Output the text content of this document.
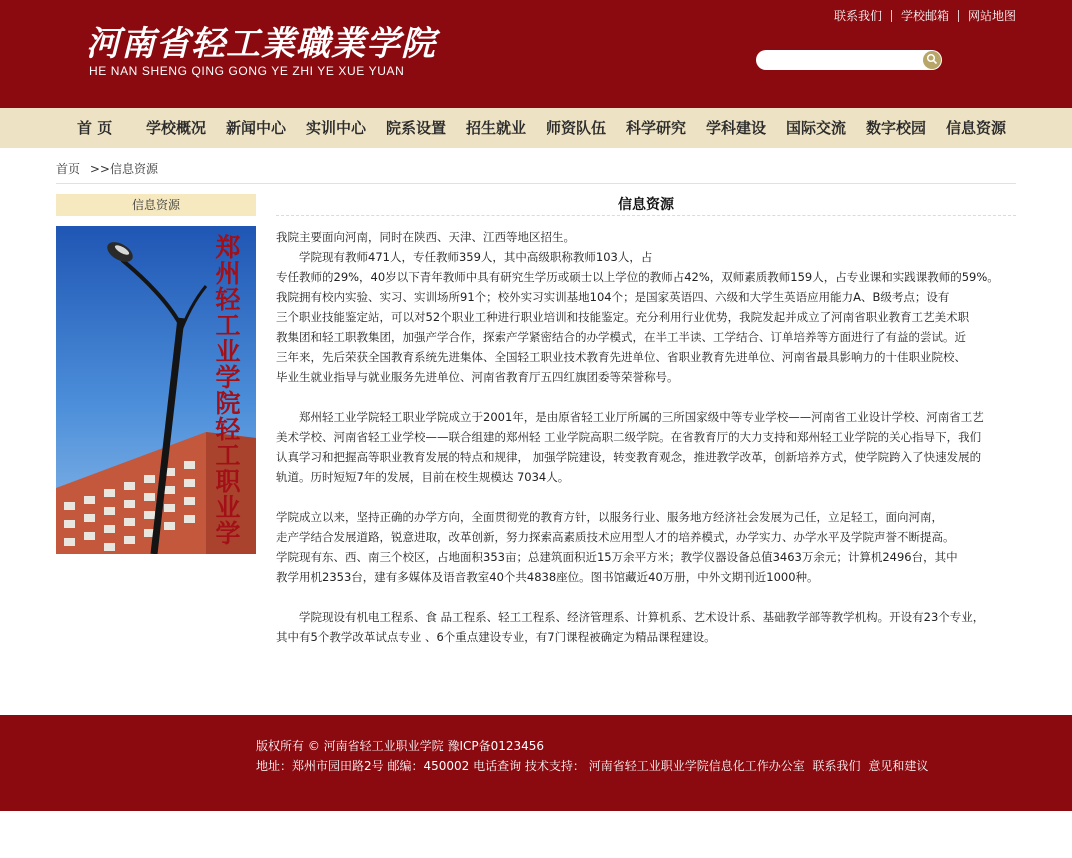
河南省轻工業職業学院
HE NAN SHENG QING GONG YE ZHI YE XUE YUAN
联系我们 学校邮箱 网站地图
首 页 学校概况 新闻中心 实训中心 院系设置 招生就业 师资队伍 科学研究 学科建设 国际交流 数字校园 信息资源
首页 >>信息资源
信息资源
郑
州
轻
工
业
学
院
轻
工
职
业
学
信息资源

我院主要面向河南，同时在陕西、天津、江西等地区招生。

　　学院现有教师471人，专任教师359人，其中高级职称教师103人，占

专任教师的29%，40岁以下青年教师中具有研究生学历或硕士以上学位的教师占42%，双师素质教师159人，占专业课和实践课教师的59%。

我院拥有校内实验、实习、实训场所91个；校外实习实训基地104个；是国家英语四、六级和大学生英语应用能力A、B级考点；设有

三个职业技能鉴定站，可以对52个职业工种进行职业培训和技能鉴定。充分利用行业优势，我院发起并成立了河南省职业教育工艺美术职

教集团和轻工职教集团，加强产学合作，探索产学紧密结合的办学模式，在半工半读、工学结合、订单培养等方面进行了有益的尝试。近

三年来，先后荣获全国教育系统先进集体、全国轻工职业技术教育先进单位、省职业教育先进单位、河南省最具影响力的十佳职业院校、

毕业生就业指导与就业服务先进单位、河南省教育厅五四红旗团委等荣誉称号。

　　郑州轻工业学院轻工职业学院成立于2001年，是由原省轻工业厅所属的三所国家级中等专业学校——河南省工业设计学校、河南省工艺

美术学校、河南省轻工业学校——联合组建的郑州轻 工业学院高职二级学院。在省教育厅的大力支持和郑州轻工业学院的关心指导下，我们

认真学习和把握高等职业教育发展的特点和规律， 加强学院建设，转变教育观念，推进教学改革，创新培养方式，使学院跨入了快速发展的

轨道。历时短短7年的发展，目前在校生规模达 7034人。

学院成立以来，坚持正确的办学方向，全面贯彻党的教育方针，以服务行业、服务地方经济社会发展为己任，立足轻工，面向河南，

走产学结合发展道路，锐意进取，改革创新，努力探索高素质技术应用型人才的培养模式，办学实力、办学水平及学院声誉不断提高。

学院现有东、西、南三个校区，占地面积353亩；总建筑面积近15万余平方米；教学仪器设备总值3463万余元；计算机2496台，其中

教学用机2353台，建有多媒体及语音教室40个共4838座位。图书馆藏近40万册，中外文期刊近1000种。

　　学院现设有机电工程系、食 品工程系、轻工工程系、经济管理系、计算机系、艺术设计系、基础教学部等教学机构。开设有23个专业，

其中有5个教学改革试点专业 、6个重点建设专业，有7门课程被确定为精品课程建设。

版权所有 © 河南省轻工业职业学院 豫ICP备0123456
地址：郑州市园田路2号 邮编：450002 电话查询 技术支持： 河南省轻工业职业学院信息化工作办公室 联系我们 意见和建议
